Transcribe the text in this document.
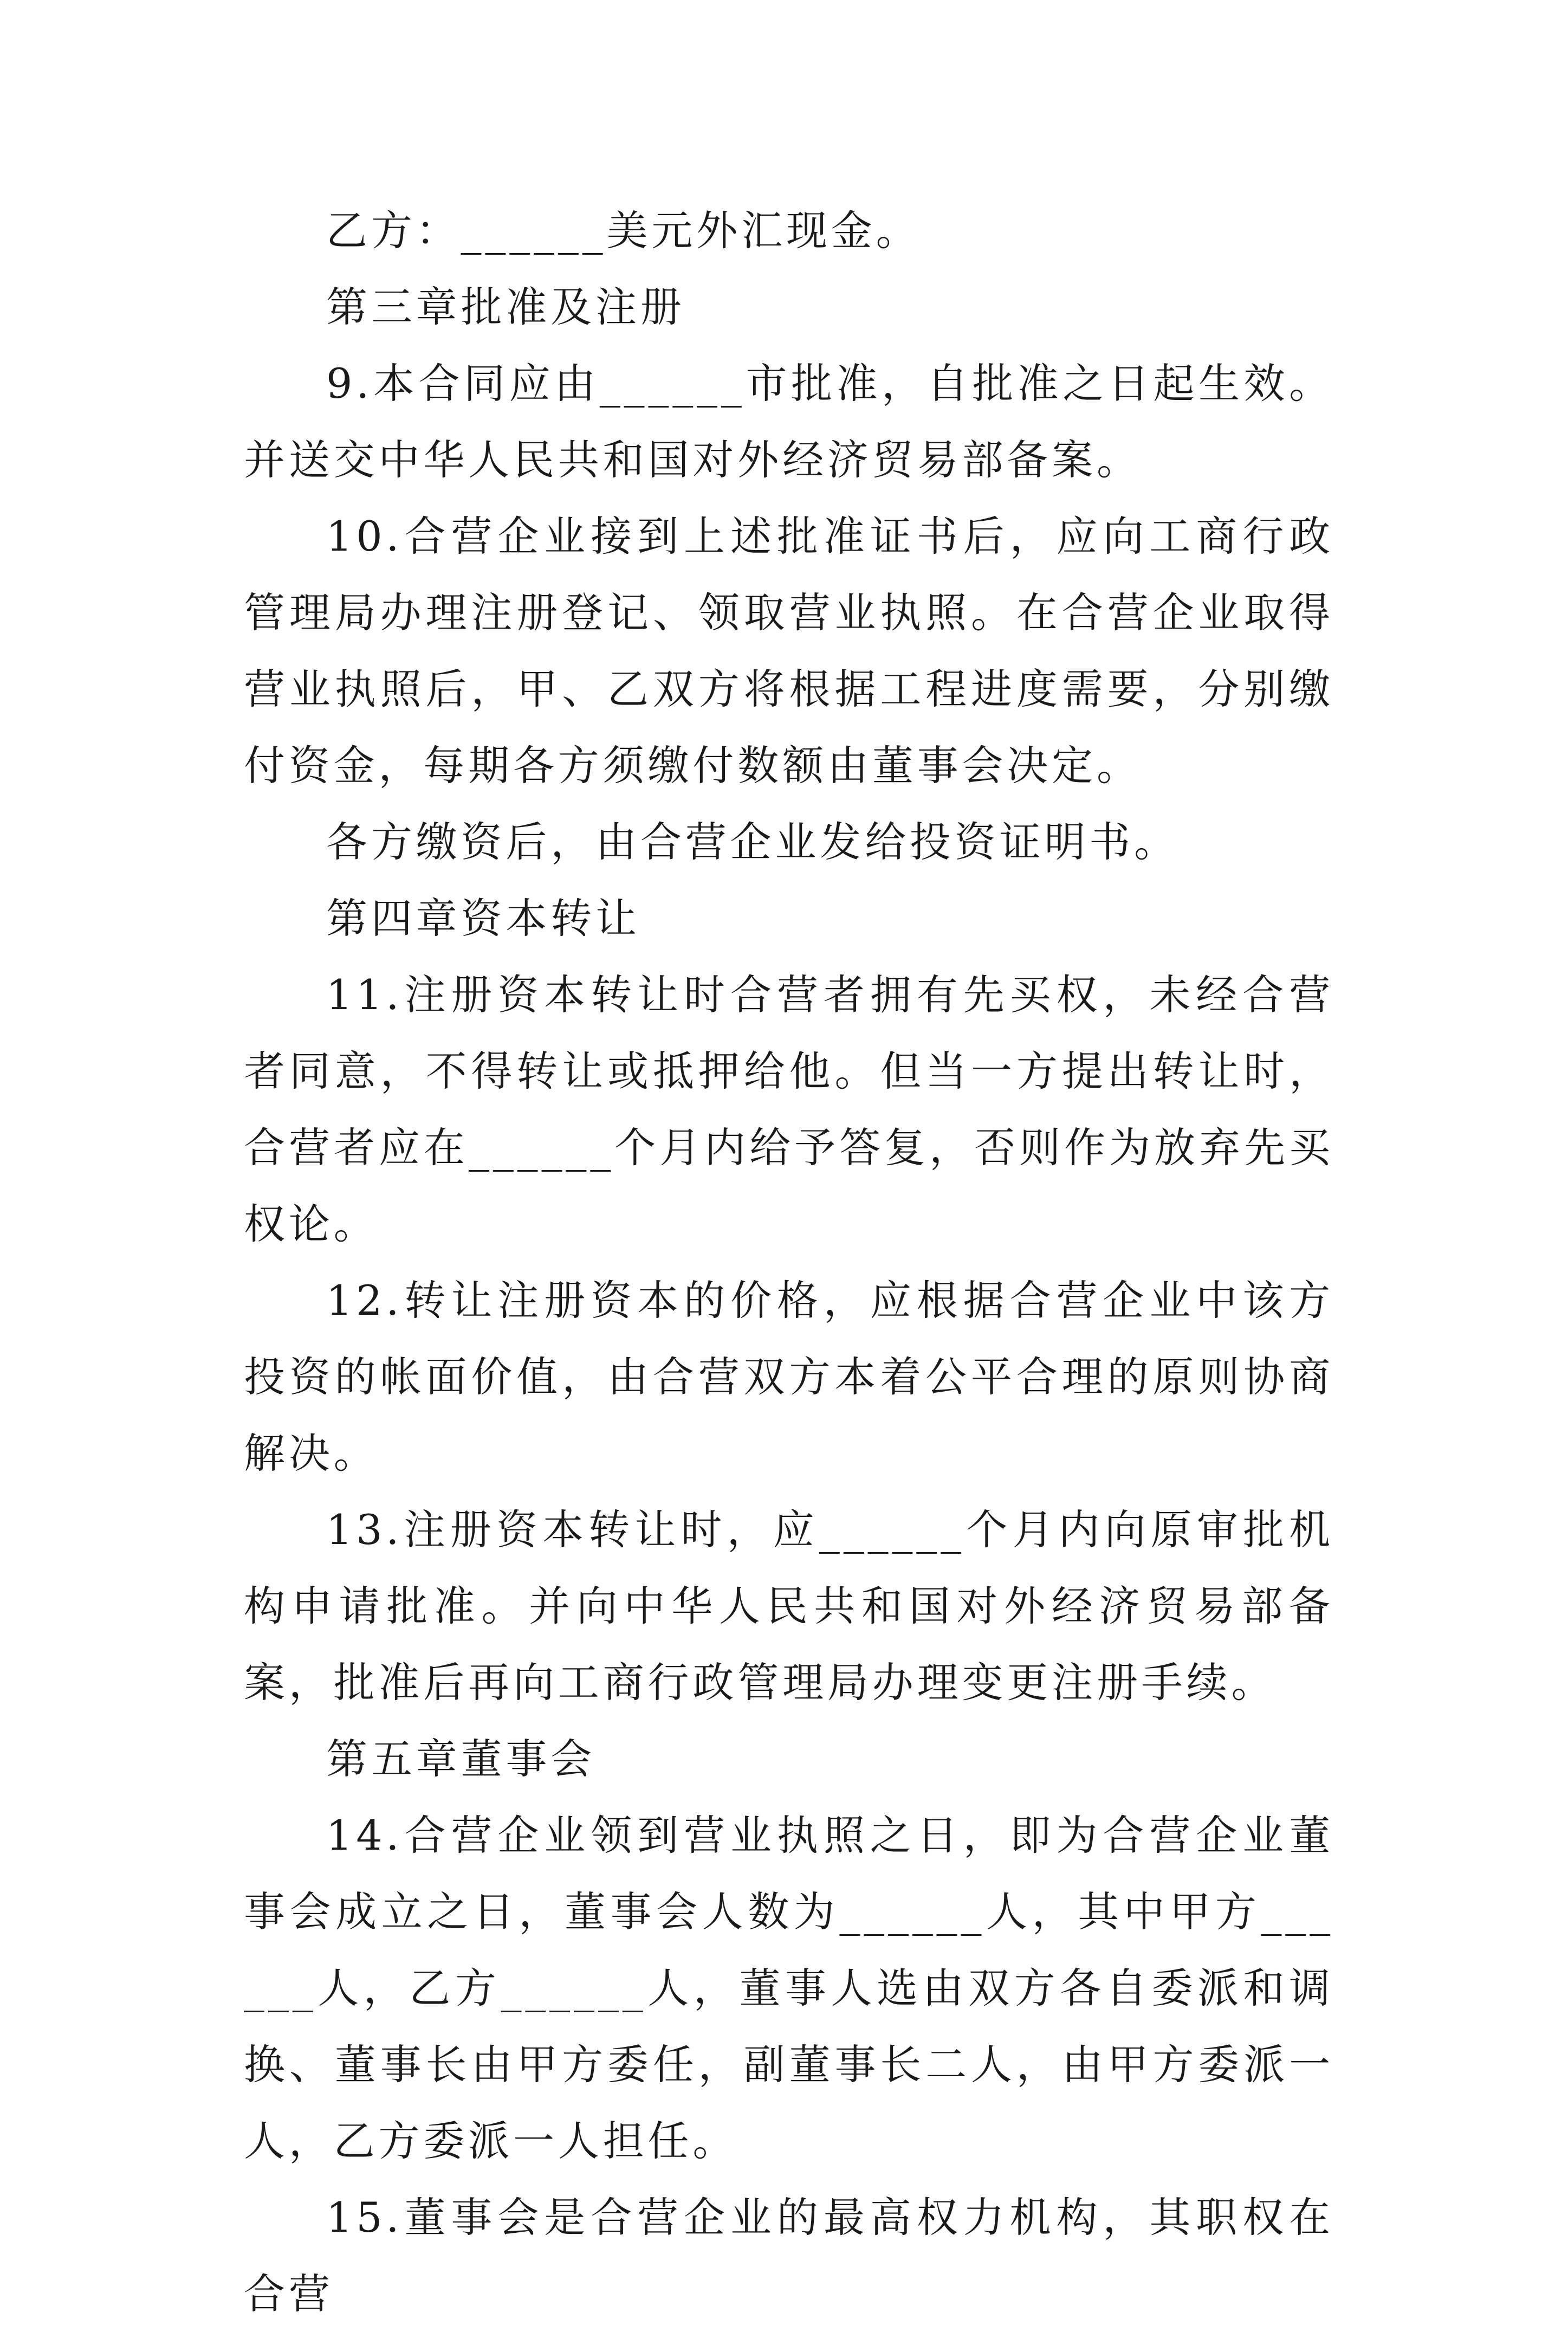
乙方：______美元外汇现金。

第三章批准及注册

9.本合同应由______市批准，自批准之日起生效。并送交中华人民共和国对外经济贸易部备案。

10.合营企业接到上述批准证书后，应向工商行政管理局办理注册登记、领取营业执照。在合营企业取得营业执照后，甲、乙双方将根据工程进度需要，分别缴付资金，每期各方须缴付数额由董事会决定。

各方缴资后，由合营企业发给投资证明书。

第四章资本转让

11.注册资本转让时合营者拥有先买权，未经合营者同意，不得转让或抵押给他。但当一方提出转让时，合营者应在______个月内给予答复，否则作为放弃先买权论。

12.转让注册资本的价格，应根据合营企业中该方投资的帐面价值，由合营双方本着公平合理的原则协商解决。

13.注册资本转让时，应______个月内向原审批机构申请批准。并向中华人民共和国对外经济贸易部备案，批准后再向工商行政管理局办理变更注册手续。

第五章董事会

14.合营企业领到营业执照之日，即为合营企业董事会成立之日，董事会人数为______人，其中甲方______人，乙方______人，董事人选由双方各自委派和调换、董事长由甲方委任，副董事长二人，由甲方委派一人，乙方委派一人担任。

15.董事会是合营企业的最高权力机构，其职权在合营
